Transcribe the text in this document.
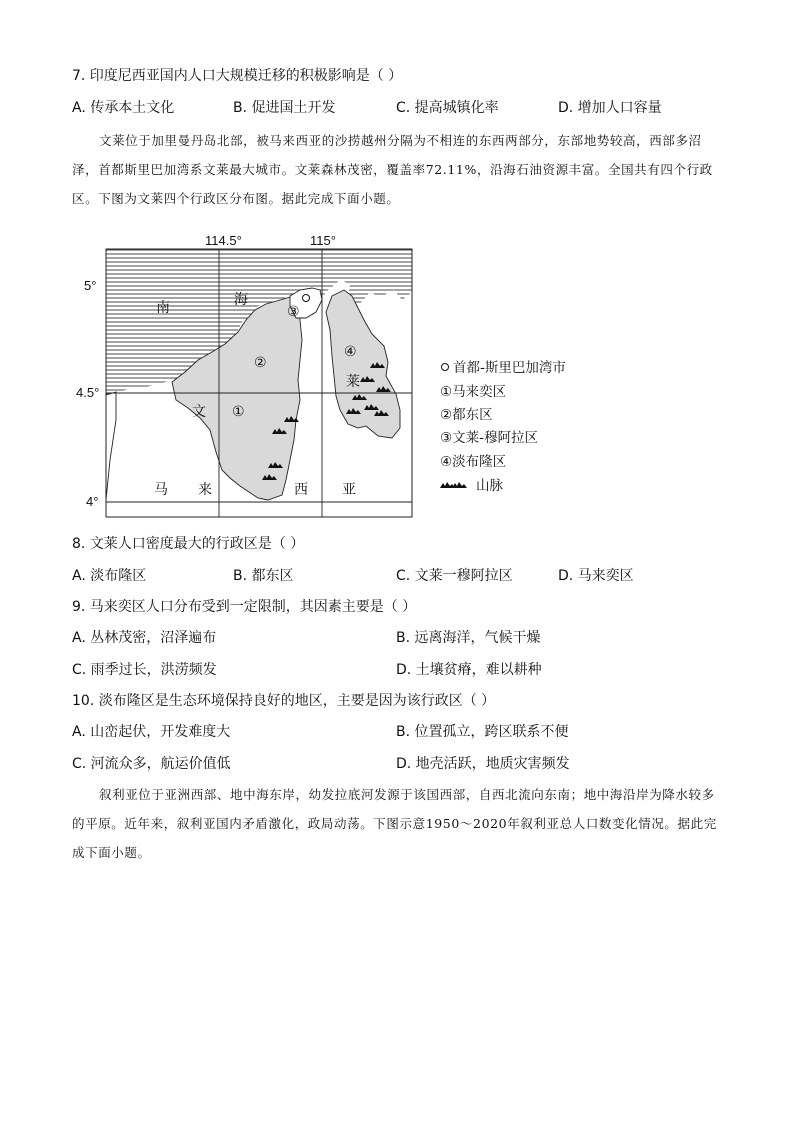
7. 印度尼西亚国内人口大规模迁移的积极影响是（ ）
A. 传承本土文化	B. 促进国土开发	C. 提高城镇化率	D. 增加人口容量

文莱位于加里曼丹岛北部，被马来西亚的沙捞越州分隔为不相连的东西两部分，东部地势较高，西部多沼泽，首都斯里巴加湾系文莱最大城市。文莱森林茂密，覆盖率72.11%，沿海石油资源丰富。全国共有四个行政区。下图为文莱四个行政区分布图。据此完成下面小题。

114.5°	115°
5°
4.5°
4°
南	海
文
莱
马 来	西 亚
①
②
③
④
首都-斯里巴加湾市
①马来奕区
②都东区
③文莱-穆阿拉区
④淡布隆区
山脉
8. 文莱人口密度最大的行政区是（ ）
A. 淡布隆区	B. 都东区	C. 文莱一穆阿拉区	D. 马来奕区
9. 马来奕区人口分布受到一定限制，其因素主要是（ ）
A. 丛林茂密，沼泽遍布	B. 远离海洋，气候干燥
C. 雨季过长，洪涝频发	D. 土壤贫瘠，难以耕种
10. 淡布隆区是生态环境保持良好的地区，主要是因为该行政区（ ）
A. 山峦起伏，开发难度大	B. 位置孤立，跨区联系不便
C. 河流众多，航运价值低	D. 地壳活跃，地质灾害频发

叙利亚位于亚洲西部、地中海东岸，幼发拉底河发源于该国西部，自西北流向东南；地中海沿岸为降水较多的平原。近年来，叙利亚国内矛盾激化，政局动荡。下图示意1950～2020年叙利亚总人口数变化情况。据此完成下面小题。
